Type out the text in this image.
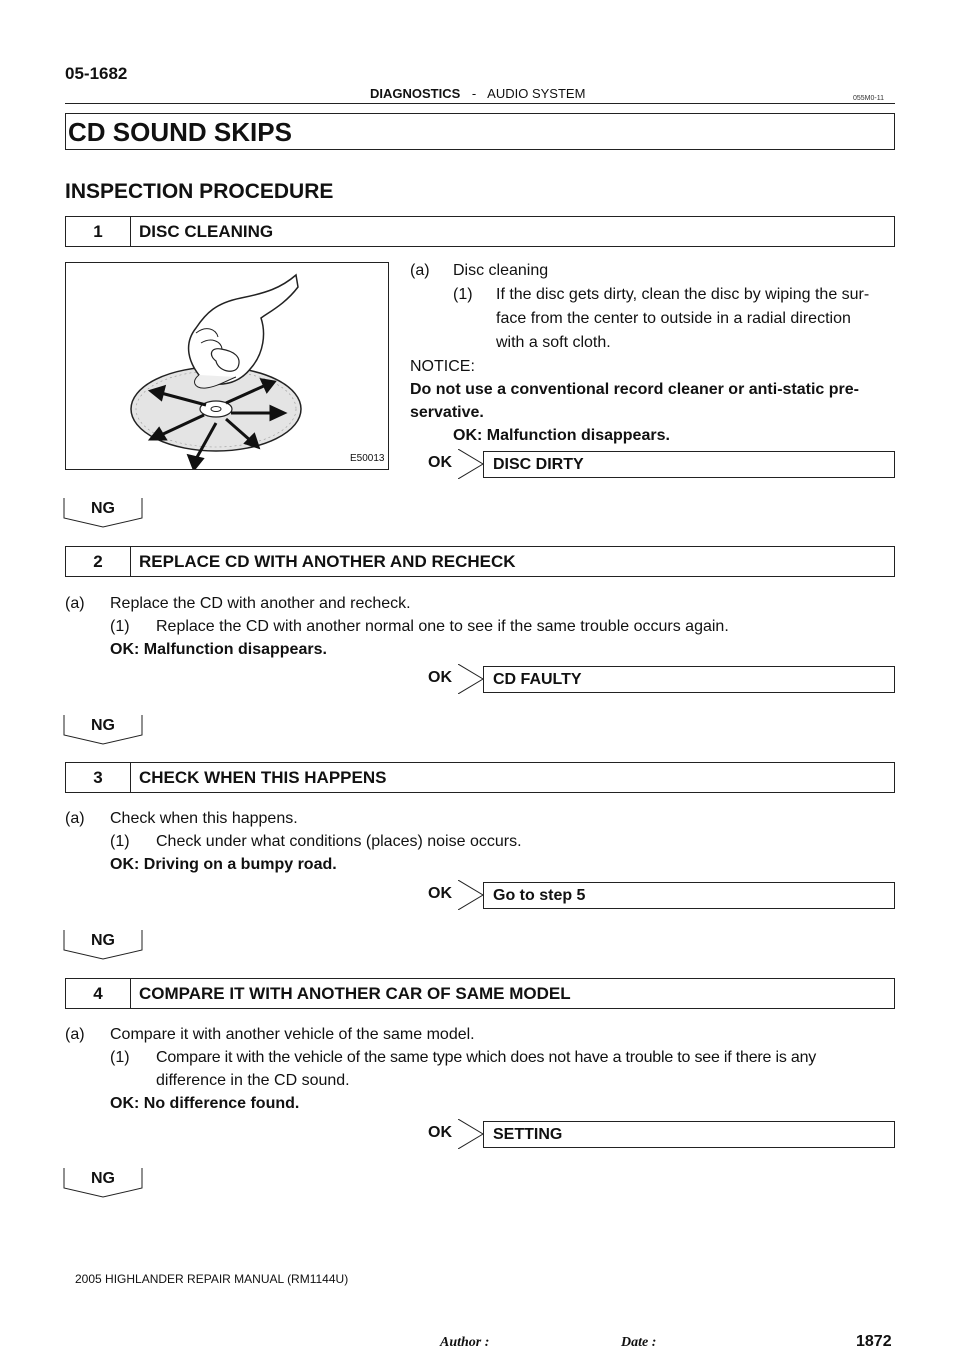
05-1682
DIAGNOSTICS - AUDIO SYSTEM	055M0-11
CD SOUND SKIPS
INSPECTION PROCEDURE
1	DISC CLEANING
E50013
(a) Disc cleaning
(1) If the disc gets dirty, clean the disc by wiping the sur-
face from the center to outside in a radial direction
with a soft cloth.
NOTICE:
Do not use a conventional record cleaner or anti-static pre-
servative.
OK: Malfunction disappears.
OK	DISC DIRTY
NG
2	REPLACE CD WITH ANOTHER AND RECHECK
(a) Replace the CD with another and recheck.
(1) Replace the CD with another normal one to see if the same trouble occurs again.
OK: Malfunction disappears.
OK	CD FAULTY
NG
3	CHECK WHEN THIS HAPPENS
(a) Check when this happens.
(1) Check under what conditions (places) noise occurs.
OK: Driving on a bumpy road.
OK	Go to step 5
NG
4	COMPARE IT WITH ANOTHER CAR OF SAME MODEL
(a) Compare it with another vehicle of the same model.
(1) Compare it with the vehicle of the same type which does not have a trouble to see if there is any
difference in the CD sound.
OK: No difference found.
OK	SETTING
NG
2005 HIGHLANDER REPAIR MANUAL (RM1144U)
Author :	Date :	1872
